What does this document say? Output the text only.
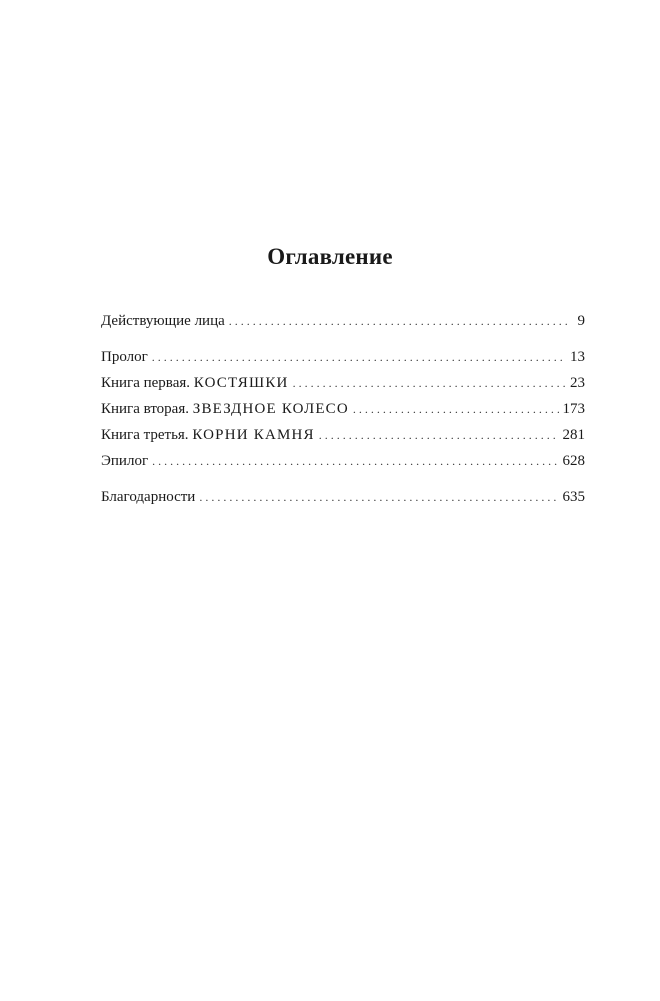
Оглавление
Действующие лица . . .	9
Пролог . . .	13
Книга первая. КОСТЯШКИ . . .	23
Книга вторая. ЗВЕЗДНОЕ КОЛЕСО . . .	173
Книга третья. КОРНИ КАМНЯ . . .	281
Эпилог . . .	628
Благодарности . . .	635
